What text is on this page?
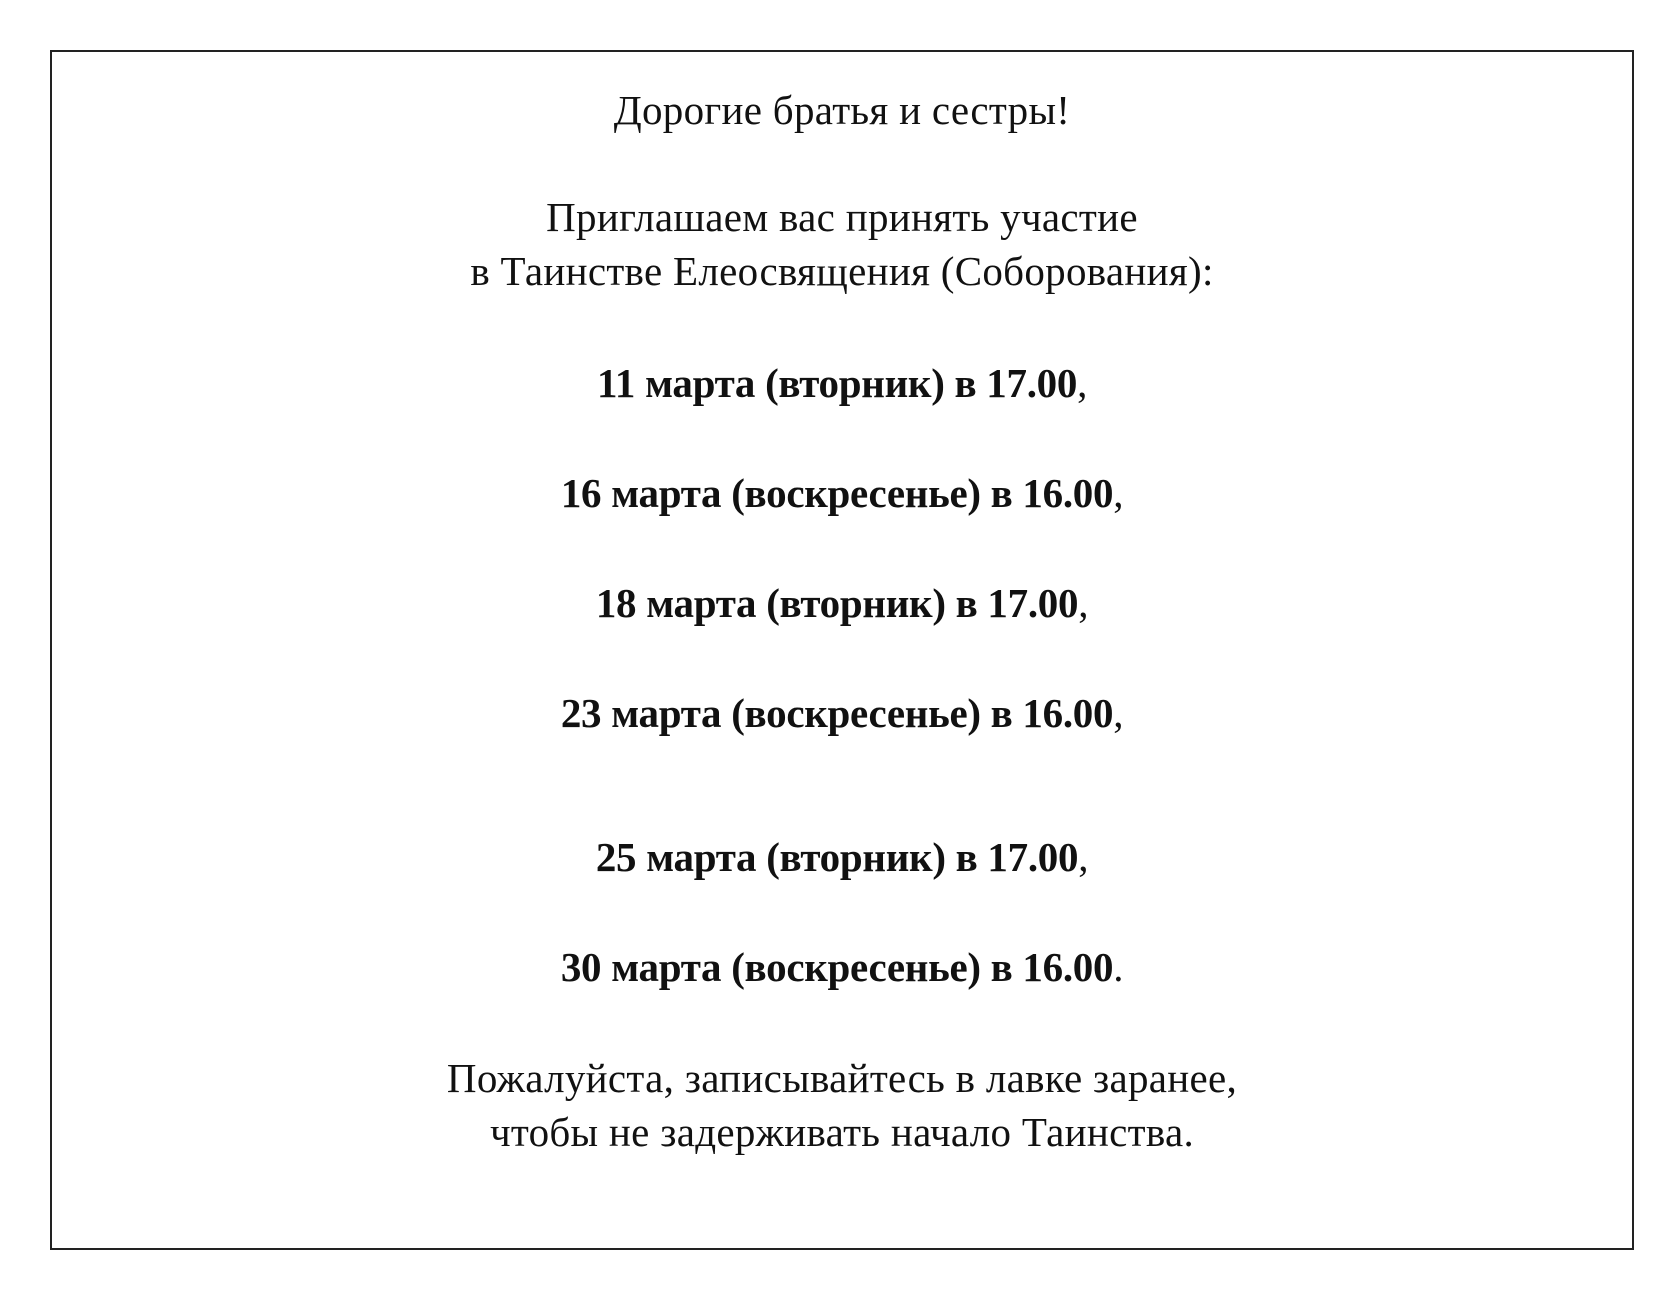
Дорогие братья и сестры!
Приглашаем вас принять участие
в Таинстве Елеосвящения (Соборования):
11 марта (вторник) в 17.00,
16 марта (воскресенье) в 16.00,
18 марта (вторник) в 17.00,
23 марта (воскресенье) в 16.00,
25 марта (вторник) в 17.00,
30 марта (воскресенье) в 16.00.
Пожалуйста, записывайтесь в лавке заранее,
чтобы не задерживать начало Таинства.
